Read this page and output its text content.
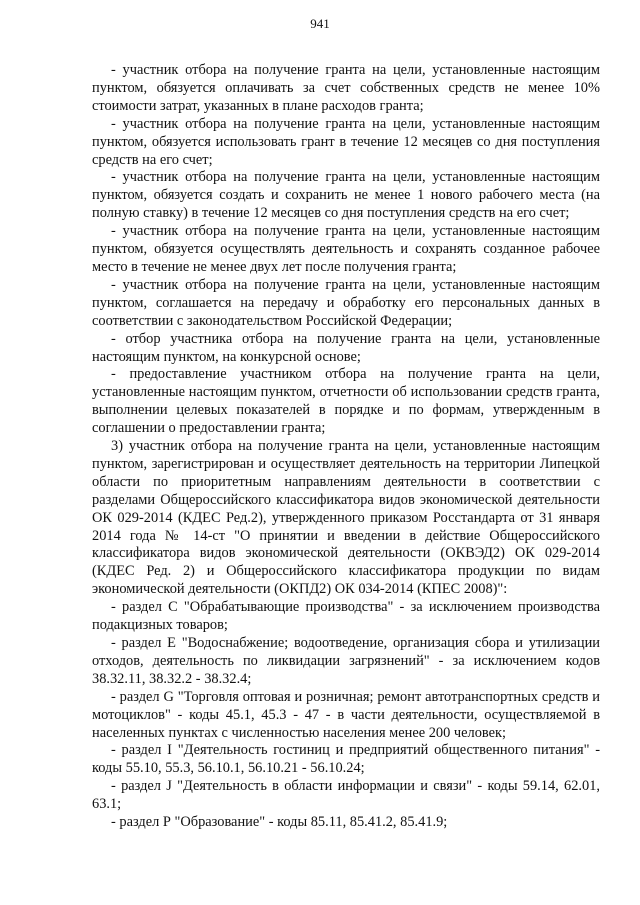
941

- участник отбора на получение гранта на цели, установленные настоящим пунктом, обязуется оплачивать за счет собственных средств не менее 10% стоимости затрат, указанных в плане расходов гранта;

- участник отбора на получение гранта на цели, установленные настоящим пунктом, обязуется использовать грант в течение 12 месяцев со дня поступления средств на его счет;

- участник отбора на получение гранта на цели, установленные настоящим пунктом, обязуется создать и сохранить не менее 1 нового рабочего места (на полную ставку) в течение 12 месяцев со дня поступления средств на его счет;

- участник отбора на получение гранта на цели, установленные настоящим пунктом, обязуется осуществлять деятельность и сохранять созданное рабочее место в течение не менее двух лет после получения гранта;

- участник отбора на получение гранта на цели, установленные настоящим пунктом, соглашается на передачу и обработку его персональных данных в соответствии с законодательством Российской Федерации;

- отбор участника отбора на получение гранта на цели, установленные настоящим пунктом, на конкурсной основе;

- предоставление участником отбора на получение гранта на цели, установленные настоящим пунктом, отчетности об использовании средств гранта, выполнении целевых показателей в порядке и по формам, утвержденным в соглашении о предоставлении гранта;

3) участник отбора на получение гранта на цели, установленные настоящим пунктом, зарегистрирован и осуществляет деятельность на территории Липецкой области по приоритетным направлениям деятельности в соответствии с разделами Общероссийского классификатора видов экономической деятельности ОК 029-2014 (КДЕС Ред.2), утвержденного приказом Росстандарта от 31 января 2014 года № 14-ст "О принятии и введении в действие Общероссийского классификатора видов экономической деятельности (ОКВЭД2) ОК 029-2014 (КДЕС Ред. 2) и Общероссийского классификатора продукции по видам экономической деятельности (ОКПД2) ОК 034-2014 (КПЕС 2008)":

- раздел С "Обрабатывающие производства" - за исключением производства подакцизных товаров;

- раздел Е "Водоснабжение; водоотведение, организация сбора и утилизации отходов, деятельность по ликвидации загрязнений" - за исключением кодов 38.32.11, 38.32.2 - 38.32.4;

- раздел G "Торговля оптовая и розничная; ремонт автотранспортных средств и мотоциклов" - коды 45.1, 45.3 - 47 - в части деятельности, осуществляемой в населенных пунктах с численностью населения менее 200 человек;

- раздел I "Деятельность гостиниц и предприятий общественного питания" - коды 55.10, 55.3, 56.10.1, 56.10.21 - 56.10.24;

- раздел J "Деятельность в области информации и связи" - коды 59.14, 62.01, 63.1;

- раздел Р "Образование" - коды 85.11, 85.41.2, 85.41.9;
